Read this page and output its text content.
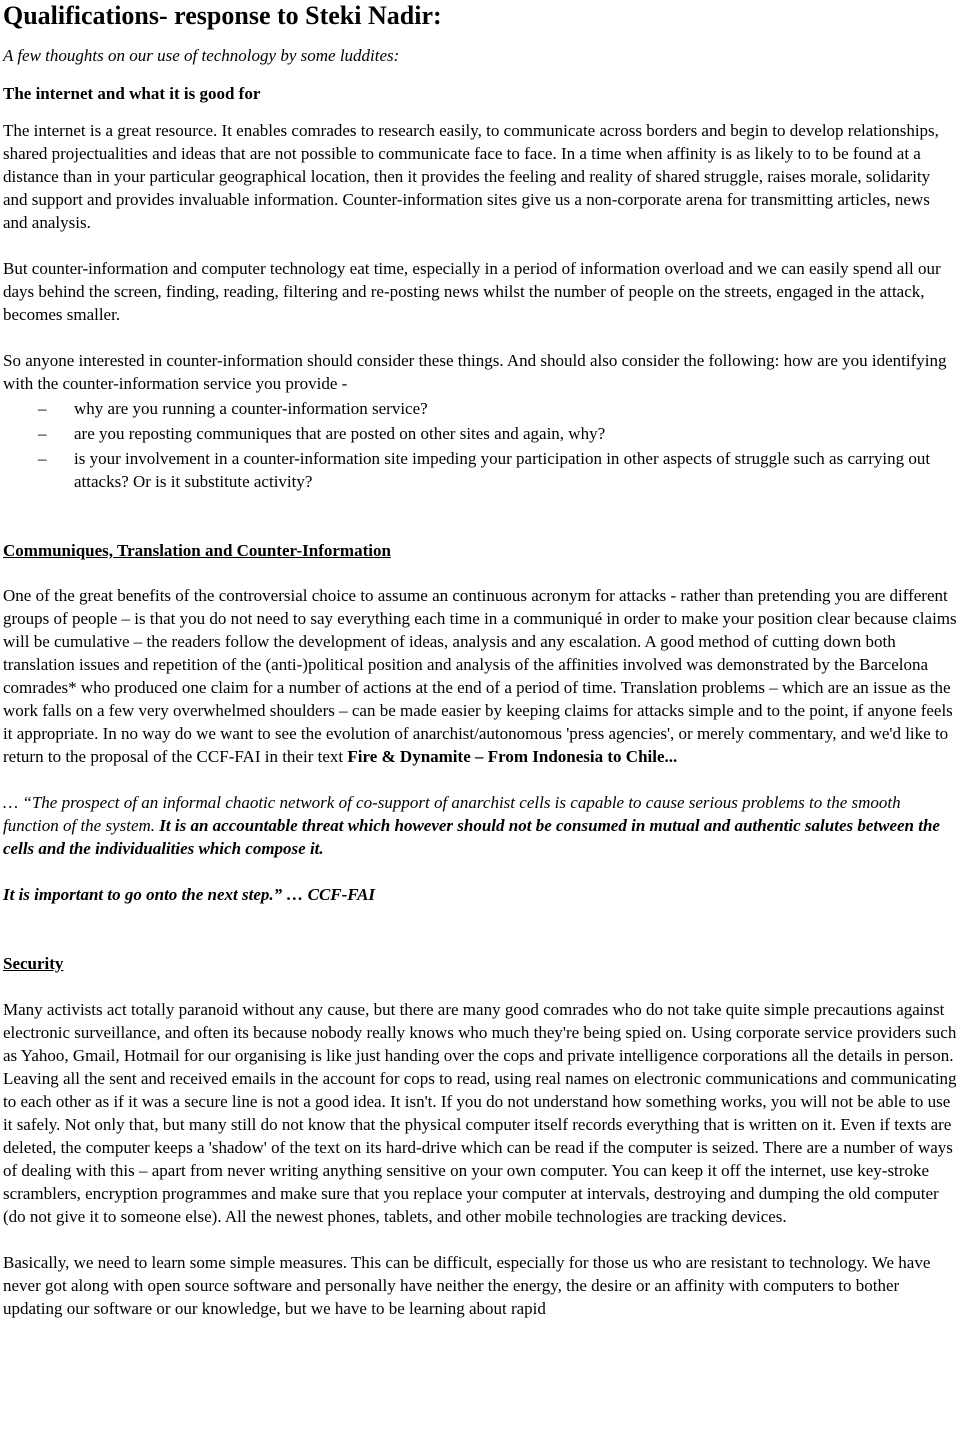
Qualifications- response to Steki Nadir:
A few thoughts on our use of technology by some luddites:
The internet and what it is good for

The internet is a great resource. It enables comrades to research easily, to communicate across borders and begin to develop relationships, shared projectualities and ideas that are not possible to communicate face to face. In a time when affinity is as likely to to be found at a distance than in your particular geographical location, then it provides the feeling and reality of shared struggle, raises morale, solidarity and support and provides invaluable information. Counter-information sites give us a non-corporate arena for transmitting articles, news and analysis.

But counter-information and computer technology eat time, especially in a period of information overload and we can easily spend all our days behind the screen, finding, reading, filtering and re-posting news whilst the number of people on the streets, engaged in the attack, becomes smaller.

So anyone interested in counter-information should consider these things. And should also consider the following: how are you identifying with the counter-information service you provide -

– why are you running a counter-information service?
– are you reposting communiques that are posted on other sites and again, why?
– is your involvement in a counter-information site impeding your participation in other aspects of struggle such as carrying out attacks? Or is it substitute activity?
Communiques, Translation and Counter-Information

One of the great benefits of the controversial choice to assume an continuous acronym for attacks - rather than pretending you are different groups of people – is that you do not need to say everything each time in a communiqué in order to make your position clear because claims will be cumulative – the readers follow the development of ideas, analysis and any escalation. A good method of cutting down both translation issues and repetition of the (anti-)political position and analysis of the affinities involved was demonstrated by the Barcelona comrades* who produced one claim for a number of actions at the end of a period of time. Translation problems – which are an issue as the work falls on a few very overwhelmed shoulders – can be made easier by keeping claims for attacks simple and to the point, if anyone feels it appropriate. In no way do we want to see the evolution of anarchist/autonomous 'press agencies', or merely commentary, and we'd like to return to the proposal of the CCF-FAI in their text Fire & Dynamite – From Indonesia to Chile...

… “The prospect of an informal chaotic network of co-support of anarchist cells is capable to cause serious problems to the smooth function of the system. It is an accountable threat which however should not be consumed in mutual and authentic salutes between the cells and the individualities which compose it.

It is important to go onto the next step.” … CCF-FAI

Security

Many activists act totally paranoid without any cause, but there are many good comrades who do not take quite simple precautions against electronic surveillance, and often its because nobody really knows who much they're being spied on. Using corporate service providers such as Yahoo, Gmail, Hotmail for our organising is like just handing over the cops and private intelligence corporations all the details in person. Leaving all the sent and received emails in the account for cops to read, using real names on electronic communications and communicating to each other as if it was a secure line is not a good idea. It isn't. If you do not understand how something works, you will not be able to use it safely. Not only that, but many still do not know that the physical computer itself records everything that is written on it. Even if texts are deleted, the computer keeps a 'shadow' of the text on its hard-drive which can be read if the computer is seized. There are a number of ways of dealing with this – apart from never writing anything sensitive on your own computer. You can keep it off the internet, use key-stroke scramblers, encryption programmes and make sure that you replace your computer at intervals, destroying and dumping the old computer (do not give it to someone else). All the newest phones, tablets, and other mobile technologies are tracking devices.

Basically, we need to learn some simple measures. This can be difficult, especially for those us who are resistant to technology. We have never got along with open source software and personally have neither the energy, the desire or an affinity with computers to bother updating our software or our knowledge, but we have to be learning about rapid
